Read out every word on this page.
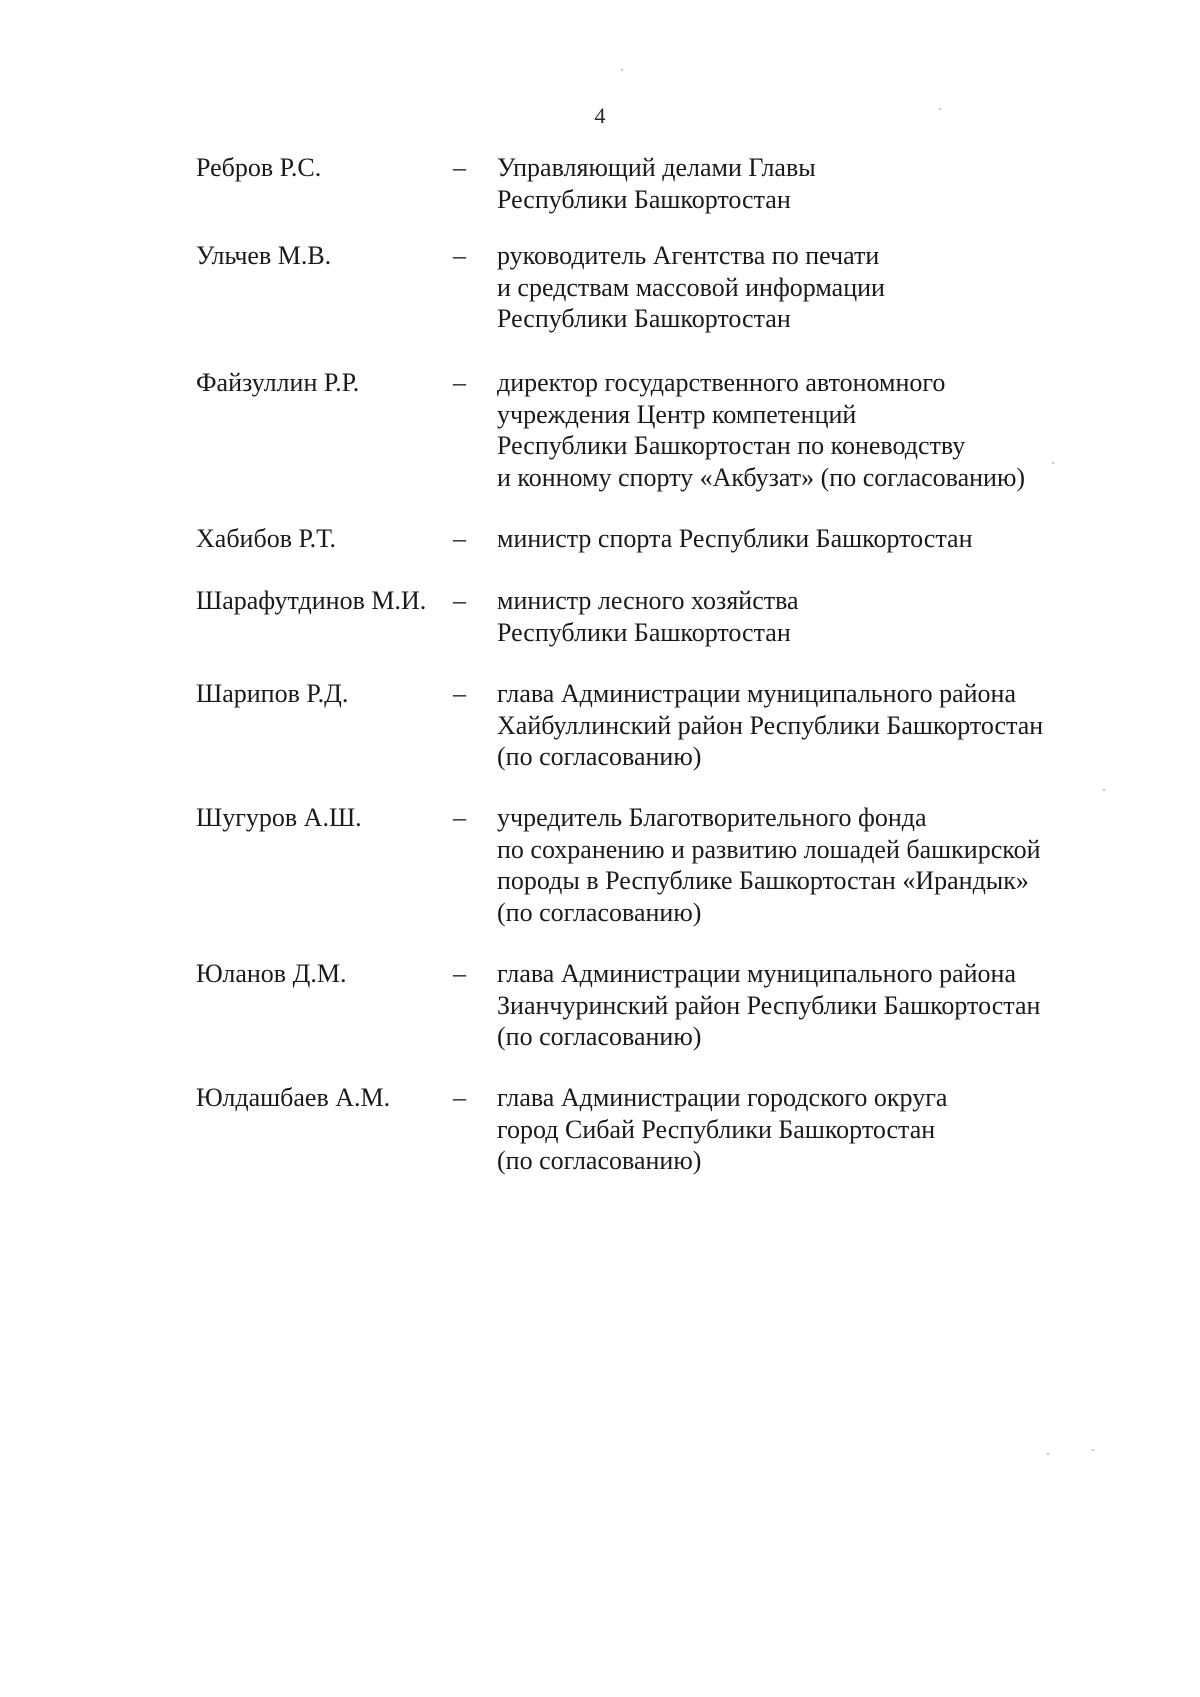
4
Ребров Р.С.	– Управляющий делами Главы
Республики Башкортостан
Ульчев М.В.	– руководитель Агентства по печати
и средствам массовой информации
Республики Башкортостан
Файзуллин Р.Р.	– директор государственного автономного
учреждения Центр компетенций
Республики Башкортостан по коневодству
и конному спорту «Акбузат» (по согласованию)
Хабибов Р.Т.	– министр спорта Республики Башкортостан
Шарафутдинов М.И. – министр лесного хозяйства
Республики Башкортостан
Шарипов Р.Д.	– глава Администрации муниципального района
Хайбуллинский район Республики Башкортостан
(по согласованию)
Шугуров А.Ш.	– учредитель Благотворительного фонда
по сохранению и развитию лошадей башкирской
породы в Республике Башкортостан «Ирандык»
(по согласованию)
Юланов Д.М.	– глава Администрации муниципального района
Зианчуринский район Республики Башкортостан
(по согласованию)
Юлдашбаев А.М. – глава Администрации городского округа
город Сибай Республики Башкортостан
(по согласованию)
